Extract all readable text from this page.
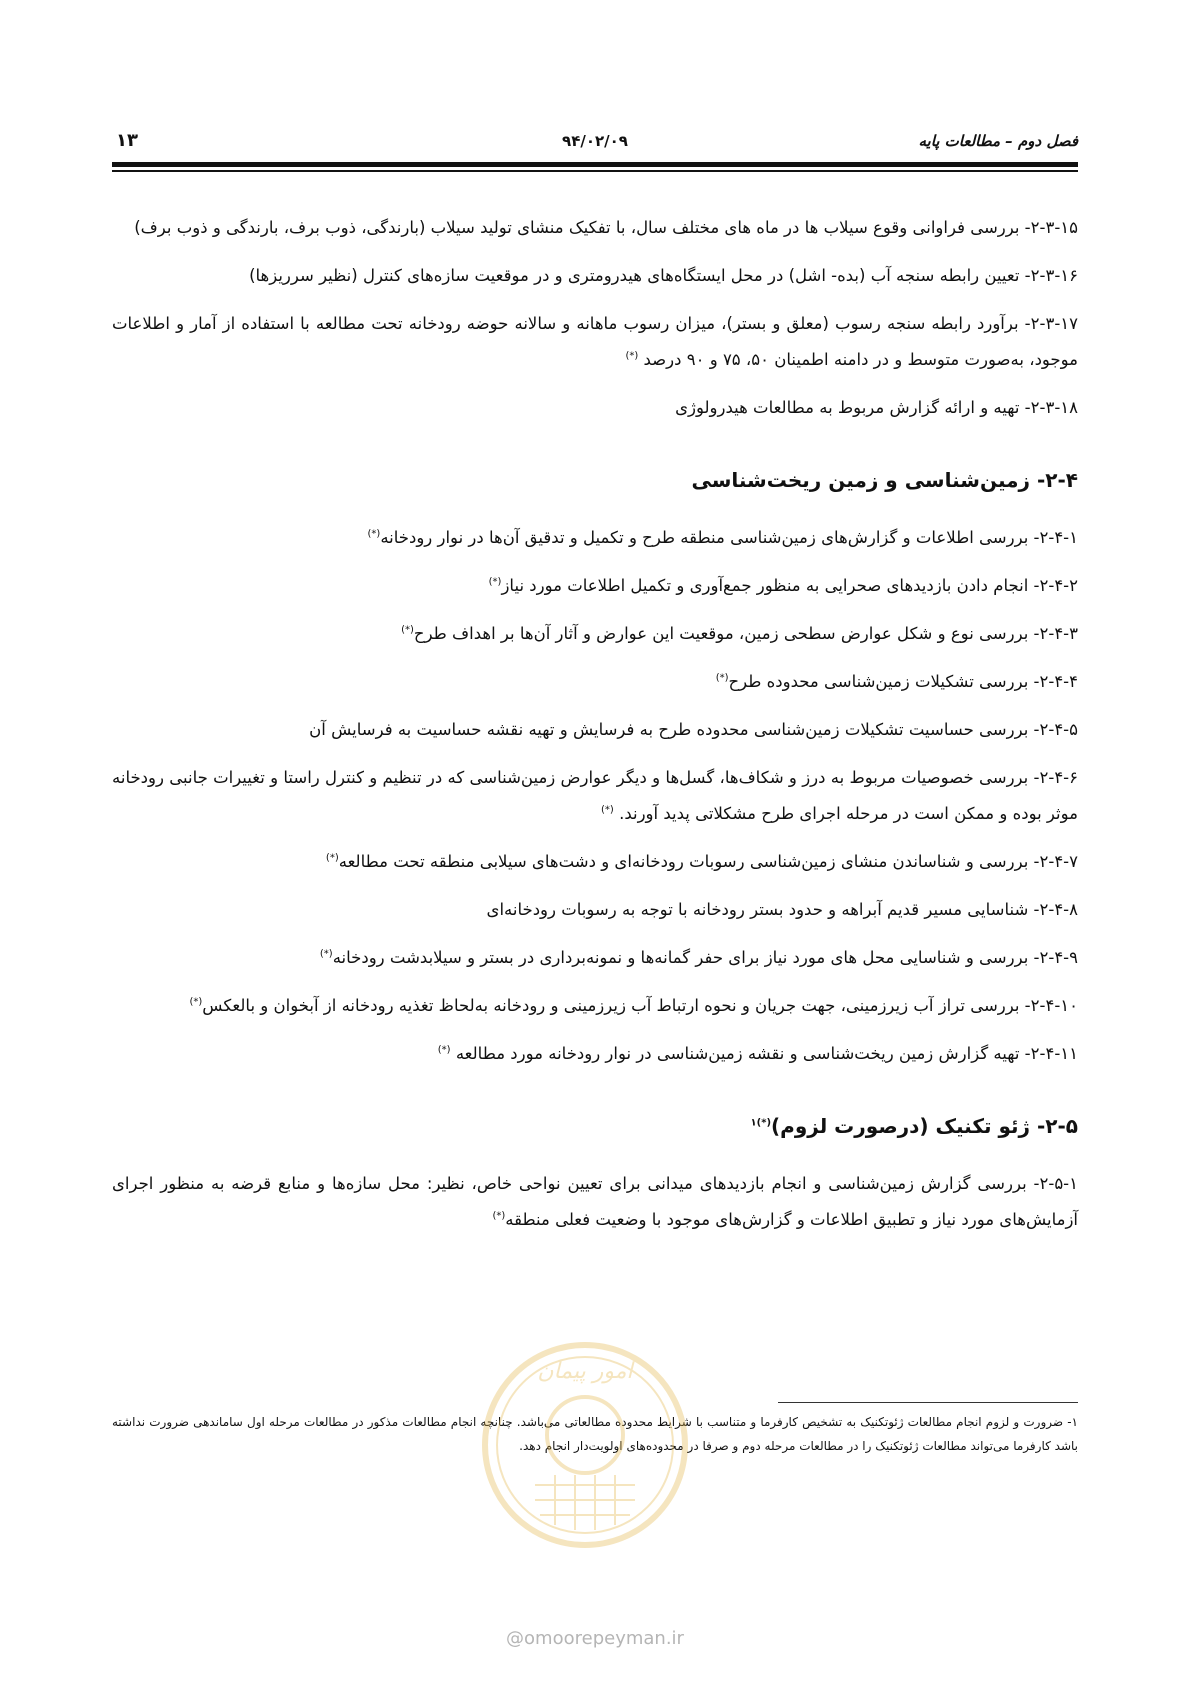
فصل دوم – مطالعات پایه
۹۴/۰۲/۰۹
۱۳

۲-۳-۱۵- بررسی فراوانی وقوع سیلاب ها در ماه های مختلف سال، با تفکیک منشای تولید سیلاب (بارندگی، ذوب برف، بارندگی و ذوب برف)

۲-۳-۱۶- تعیین رابطه سنجه آب (بده- اشل) در محل ایستگاه‌های هیدرومتری و در موقعیت سازه‌های کنترل (نظیر سرریزها)

۲-۳-۱۷- برآورد رابطه سنجه رسوب (معلق و بستر)، میزان رسوب ماهانه و سالانه حوضه رودخانه تحت مطالعه با استفاده از آمار و اطلاعات موجود، به‌صورت متوسط و در دامنه اطمینان ۵۰، ۷۵ و ۹۰ درصد (*)

۲-۳-۱۸- تهیه و ارائه گزارش مربوط به مطالعات هیدرولوژی

۲-۴- زمین‌شناسی و زمین ریخت‌شناسی

۲-۴-۱- بررسی اطلاعات و گزارش‌های زمین‌شناسی منطقه طرح و تکمیل و تدقیق آن‌ها در نوار رودخانه(*)

۲-۴-۲- انجام دادن بازدیدهای صحرایی به منظور جمع‌آوری و تکمیل اطلاعات مورد نیاز(*)

۲-۴-۳- بررسی نوع و شکل عوارض سطحی زمین، موقعیت این عوارض و آثار آن‌ها بر اهداف طرح(*)

۲-۴-۴- بررسی تشکیلات زمین‌شناسی محدوده طرح(*)

۲-۴-۵- بررسی حساسیت تشکیلات زمین‌شناسی محدوده طرح به فرسایش و تهیه نقشه حساسیت به فرسایش آن

۲-۴-۶- بررسی خصوصیات مربوط به درز و شکاف‌ها، گسل‌ها و دیگر عوارض زمین‌شناسی که در تنظیم و کنترل راستا و تغییرات جانبی رودخانه موثر بوده و ممکن است در مرحله اجرای طرح مشکلاتی پدید آورند. (*)

۲-۴-۷- بررسی و شناساندن منشای زمین‌شناسی رسوبات رودخانه‌ای و دشت‌های سیلابی منطقه تحت مطالعه(*)

۲-۴-۸- شناسایی مسیر قدیم آبراهه و حدود بستر رودخانه با توجه به رسوبات رودخانه‌ای

۲-۴-۹- بررسی و شناسایی محل های مورد نیاز برای حفر گمانه‌ها و نمونه‌برداری در بستر و سیلابدشت رودخانه(*)

۲-۴-۱۰- بررسی تراز آب زیرزمینی، جهت جریان و نحوه ارتباط آب زیرزمینی و رودخانه به‌لحاظ تغذیه رودخانه از آبخوان و بالعکس(*)

۲-۴-۱۱- تهیه گزارش زمین ریخت‌شناسی و نقشه زمین‌شناسی در نوار رودخانه مورد مطالعه (*)

۲-۵- ژئو تکنیک (درصورت لزوم)$^{(*)۱}$

۲-۵-۱- بررسی گزارش زمین‌شناسی و انجام بازدیدهای میدانی برای تعیین نواحی خاص، نظیر: محل سازه‌ها و منابع قرضه به منظور اجرای آزمایش‌های مورد نیاز و تطبیق اطلاعات و گزارش‌های موجود با وضعیت فعلی منطقه(*)

۱- ضرورت و لزوم انجام مطالعات ژئوتکنیک به تشخیص کارفرما و متناسب با شرایط محدوده مطالعاتی می‌باشد. چنانچه انجام مطالعات مذکور در مطالعات مرحله اول ساماندهی ضرورت نداشته باشد کارفرما می‌تواند مطالعات ژئوتکنیک را در مطالعات مرحله دوم و صرفا در محدوده‌های اولویت‌دار انجام دهد.
امور پیمان
@omoorepeyman.ir
